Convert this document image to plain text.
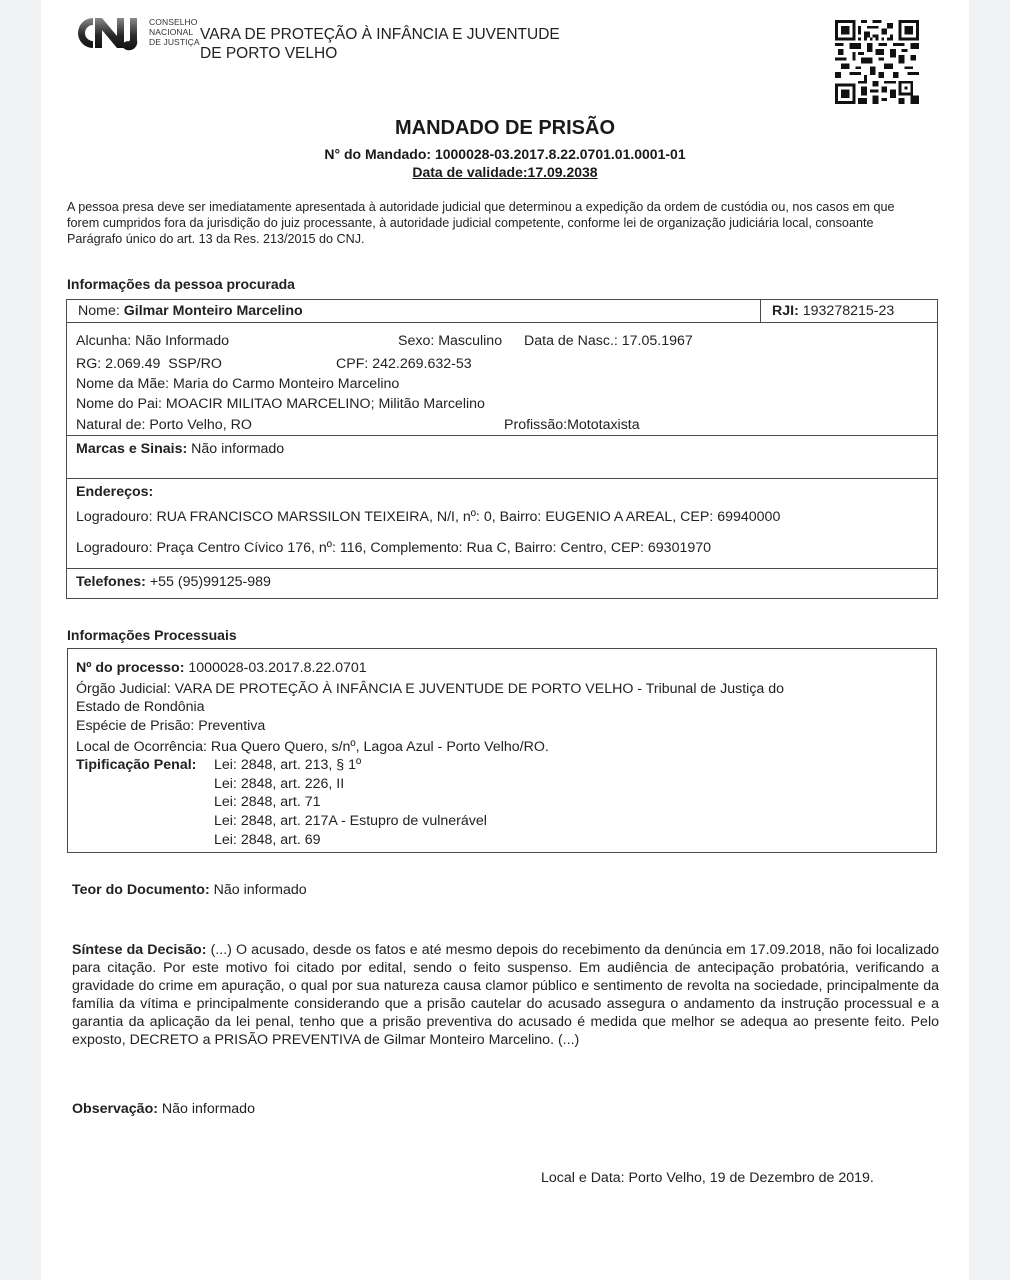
CONSELHO
NACIONAL
DE JUSTIÇA VARA DE PROTEÇÃO À INFÂNCIA E JUVENTUDE
DE PORTO VELHO
MANDADO DE PRISÃO
N° do Mandado: 1000028-03.2017.8.22.0701.01.0001-01
Data de validade:17.09.2038
A pessoa presa deve ser imediatamente apresentada à autoridade judicial que determinou a expedição da ordem de custódia ou, nos casos em que forem cumpridos fora da jurisdição do juiz processante, à autoridade judicial competente, conforme lei de organização judiciária local, consoante Parágrafo único do art. 13 da Res. 213/2015 do CNJ.
Informações da pessoa procurada
Nome: Gilmar Monteiro Marcelino	RJI: 193278215-23
Alcunha: Não Informado	Sexo: Masculino Data de Nasc.: 17.05.1967
RG: 2.069.49  SSP/RO	CPF: 242.269.632-53
Nome da Mãe: Maria do Carmo Monteiro Marcelino
Nome do Pai: MOACIR MILITAO MARCELINO; Militão Marcelino
Natural de: Porto Velho, RO	Profissão:Mototaxista
Marcas e Sinais: Não informado
Endereços:
Logradouro: RUA FRANCISCO MARSSILON TEIXEIRA, N/I, nº: 0, Bairro: EUGENIO A AREAL, CEP: 69940000
Logradouro: Praça Centro Cívico 176, nº: 116, Complemento: Rua C, Bairro: Centro, CEP: 69301970
Telefones: +55 (95)99125-989
Informações Processuais
Nº do processo: 1000028-03.2017.8.22.0701
Órgão Judicial: VARA DE PROTEÇÃO À INFÂNCIA E JUVENTUDE DE PORTO VELHO - Tribunal de Justiça do
Estado de Rondônia
Espécie de Prisão: Preventiva
Local de Ocorrência: Rua Quero Quero, s/nº, Lagoa Azul - Porto Velho/RO.
Tipificação Penal: Lei: 2848, art. 213, § 1º
Lei: 2848, art. 226, II
Lei: 2848, art. 71
Lei: 2848, art. 217A - Estupro de vulnerável
Lei: 2848, art. 69
Teor do Documento: Não informado
Síntese da Decisão: (...) O acusado, desde os fatos e até mesmo depois do recebimento da denúncia em 17.09.2018, não foi localizado para citação. Por este motivo foi citado por edital, sendo o feito suspenso. Em audiência de antecipação probatória, verificando a gravidade do crime em apuração, o qual por sua natureza causa clamor público e sentimento de revolta na sociedade, principalmente da família da vítima e principalmente considerando que a prisão cautelar do acusado assegura o andamento da instrução processual e a garantia da aplicação da lei penal, tenho que a prisão preventiva do acusado é medida que melhor se adequa ao presente feito. Pelo exposto, DECRETO a PRISÃO PREVENTIVA de Gilmar Monteiro Marcelino. (...)
Observação: Não informado
Local e Data: Porto Velho, 19 de Dezembro de 2019.
